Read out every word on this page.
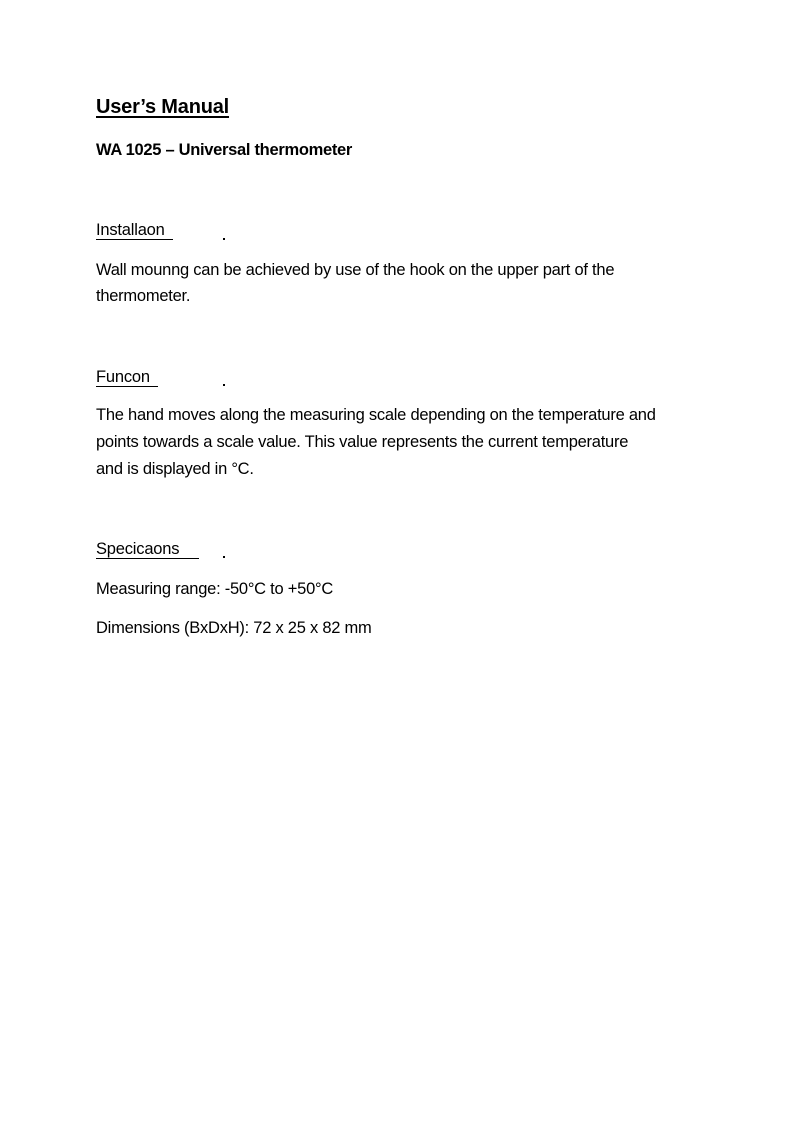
User’s Manual
WA 1025 – Universal thermometer
Installaon
Wall mounng can be achieved by use of the hook on the upper part of the
thermometer.
Funcon
The hand moves along the measuring scale depending on the temperature and
points towards a scale value. This value represents the current temperature
and is displayed in °C.
Specicaons
Measuring range: -50°C to +50°C
Dimensions (BxDxH): 72 x 25 x 82 mm
